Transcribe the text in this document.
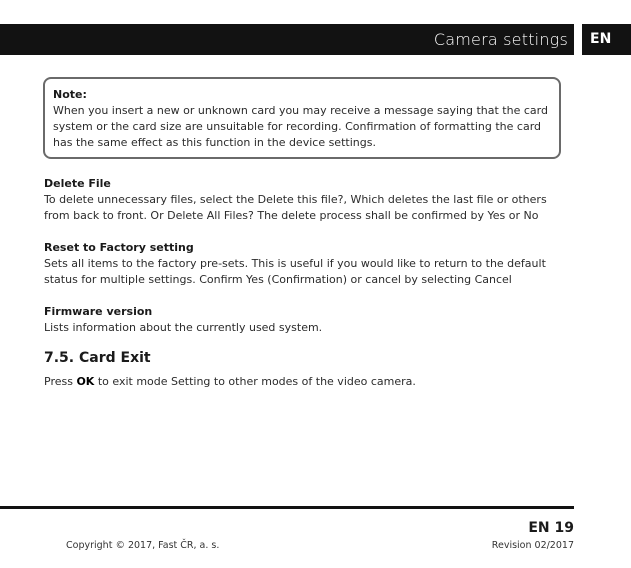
Camera settings	EN
Note:
When you insert a new or unknown card you may receive a message saying that the card system or the card size are unsuitable for recording. Confirmation of formatting the card has the same effect as this function in the device settings.
Delete File
To delete unnecessary files, select the Delete this file?, Which deletes the last file or others from back to front. Or Delete All Files? The delete process shall be confirmed by Yes or No
Reset to Factory setting
Sets all items to the factory pre-sets. This is useful if you would like to return to the default status for multiple settings. Confirm Yes (Confirmation) or cancel by selecting Cancel
Firmware version
Lists information about the currently used system.
7.5. Card Exit
Press OK to exit mode Setting to other modes of the video camera.
EN 19
Copyright © 2017, Fast ČR, a. s.	Revision 02/2017
